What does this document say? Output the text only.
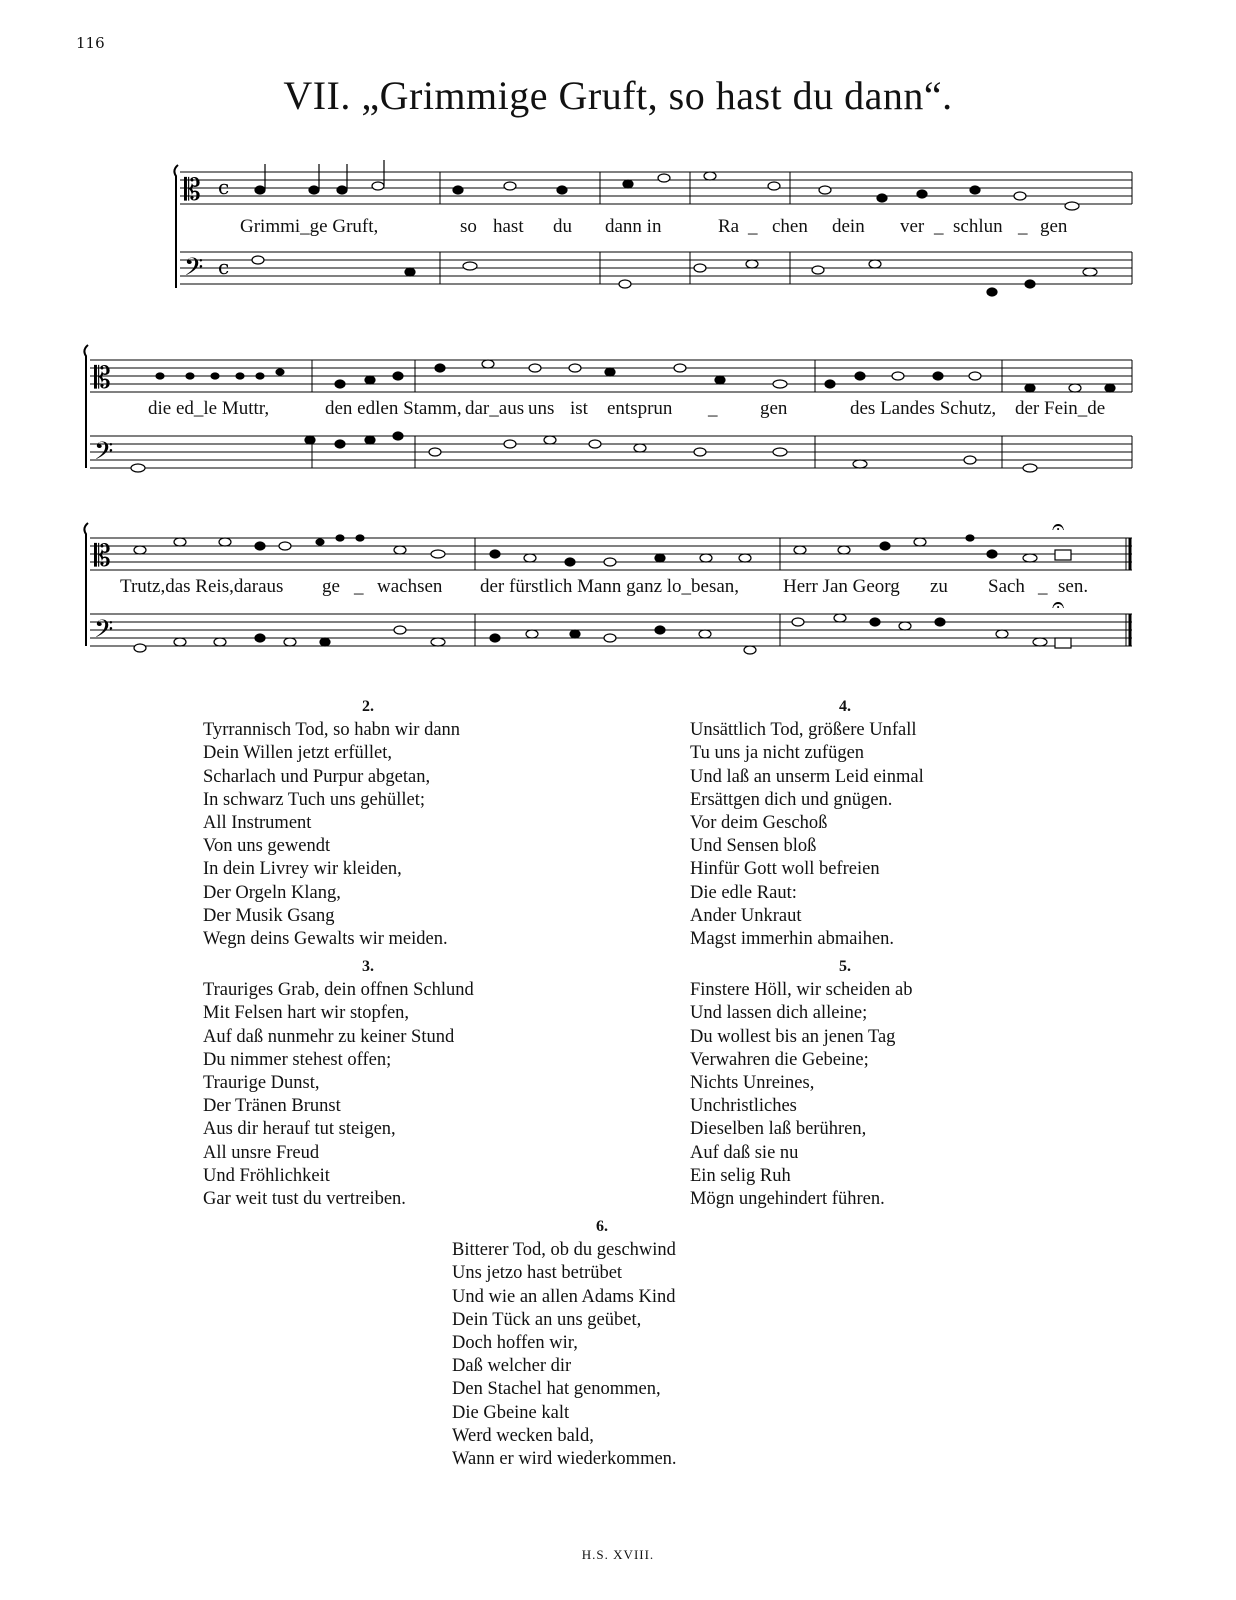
116
VII. „Grimmige Gruft, so hast du dann“.
𝄡
𝄢
c
c
Grimmi_ge Gruft,	so hast du dann in	Ra _ chen dein ver _ schlun _ gen
𝄡
𝄢
die ed_le Muttr,	den edlen Stamm, dar_aus uns ist entsprun _ gen	des Landes Schutz, der Fein_de
𝄡
𝄢
𝄐
𝄐
Trutz,das Reis,daraus ge _ wachsen der fürstlich Mann ganz lo_besan, Herr Jan Georg zu Sach _ sen.
2.
Tyrrannisch Tod, so habn wir dann
Dein Willen jetzt erfüllet,
Scharlach und Purpur abgetan,
In schwarz Tuch uns gehüllet;
All Instrument
Von uns gewendt
In dein Livrey wir kleiden,
Der Orgeln Klang,
Der Musik Gsang
Wegn deins Gewalts wir meiden.
3.
Trauriges Grab, dein offnen Schlund
Mit Felsen hart wir stopfen,
Auf daß nunmehr zu keiner Stund
Du nimmer stehest offen;
Traurige Dunst,
Der Tränen Brunst
Aus dir herauf tut steigen,
All unsre Freud
Und Fröhlichkeit
Gar weit tust du vertreiben.
4.
Unsättlich Tod, größere Unfall
Tu uns ja nicht zufügen
Und laß an unserm Leid einmal
Ersättgen dich und gnügen.
Vor deim Geschoß
Und Sensen bloß
Hinfür Gott woll befreien
Die edle Raut:
Ander Unkraut
Magst immerhin abmaihen.
5.
Finstere Höll, wir scheiden ab
Und lassen dich alleine;
Du wollest bis an jenen Tag
Verwahren die Gebeine;
Nichts Unreines,
Unchristliches
Dieselben laß berühren,
Auf daß sie nu
Ein selig Ruh
Mögn ungehindert führen.
6.
Bitterer Tod, ob du geschwind
Uns jetzo hast betrübet
Und wie an allen Adams Kind
Dein Tück an uns geübet,
Doch hoffen wir,
Daß welcher dir
Den Stachel hat genommen,
Die Gbeine kalt
Werd wecken bald,
Wann er wird wiederkommen.
H.S. XVIII.
